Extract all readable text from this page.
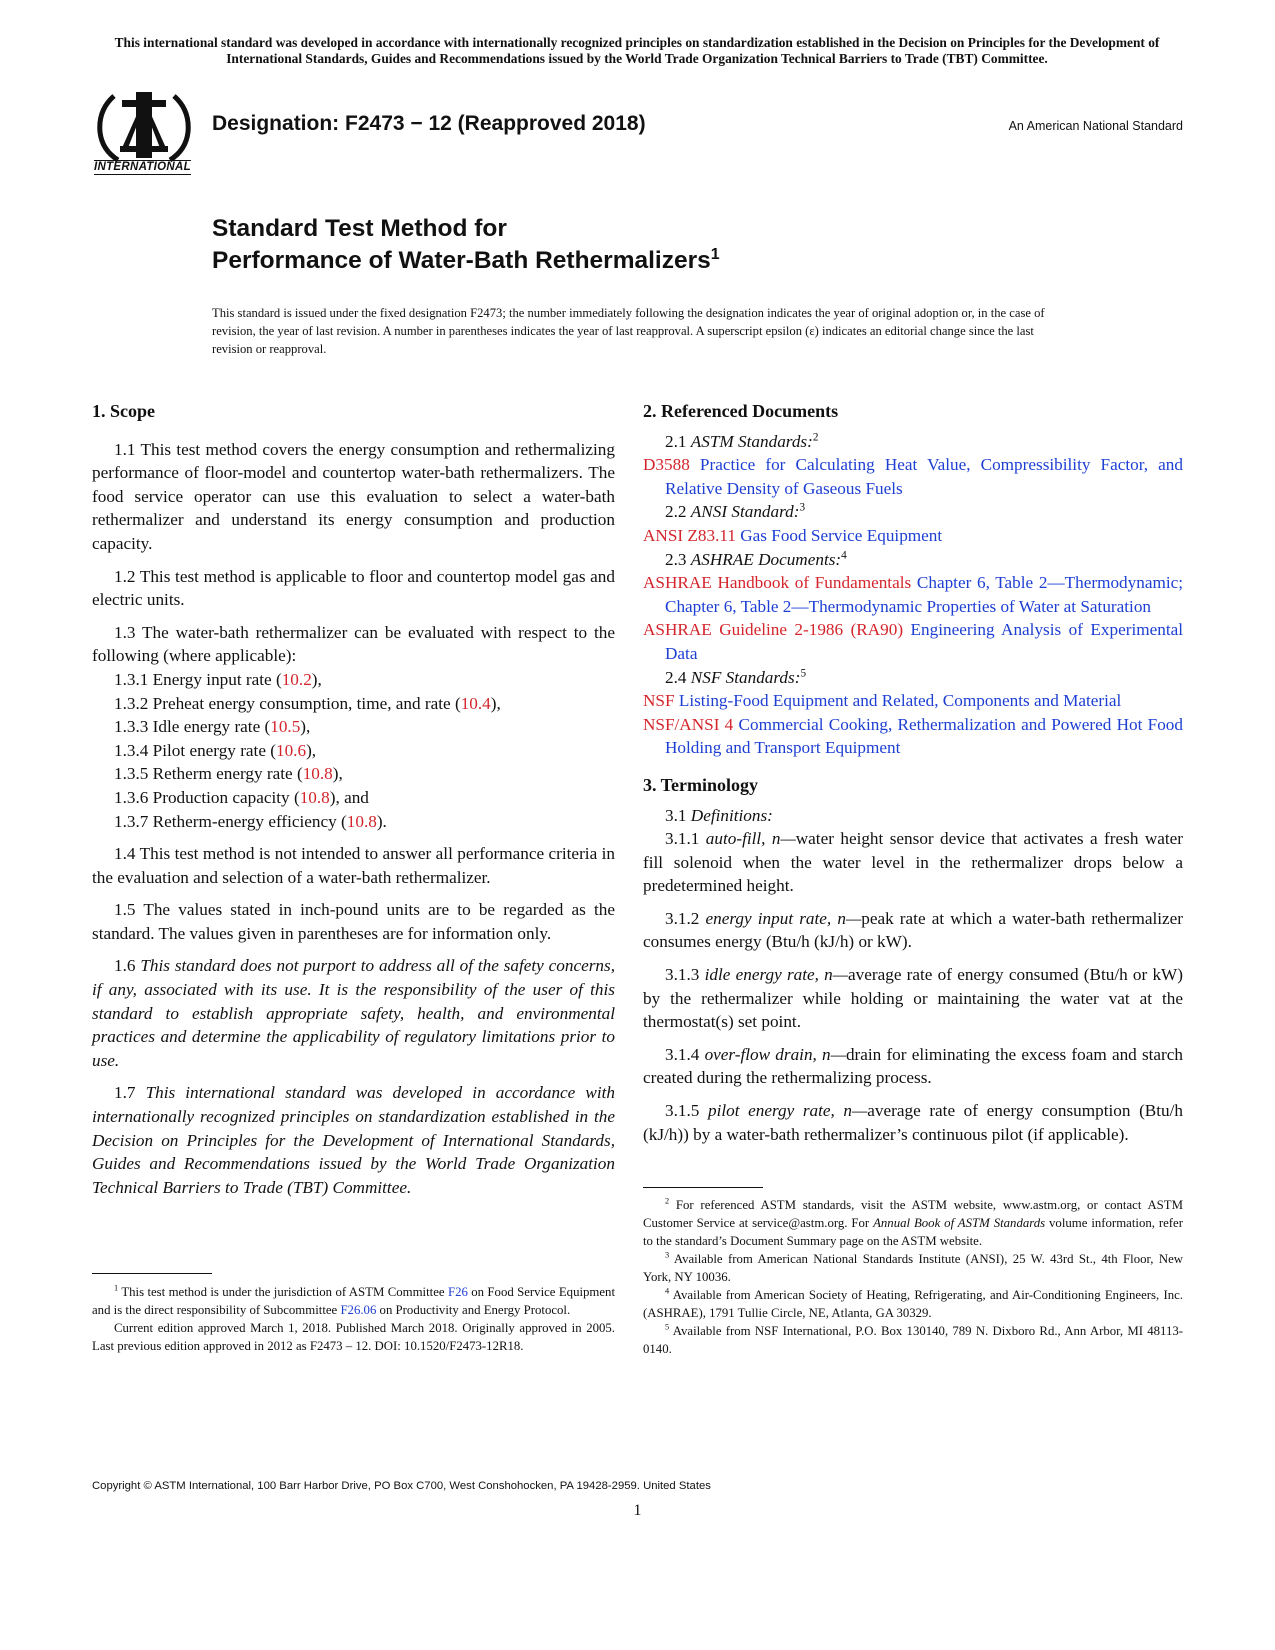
This international standard was developed in accordance with internationally recognized principles on standardization established in the Decision on Principles for the Development of International Standards, Guides and Recommendations issued by the World Trade Organization Technical Barriers to Trade (TBT) Committee.
INTERNATIONAL
Designation: F2473 − 12 (Reapproved 2018)	An American National Standard
Standard Test Method for
Performance of Water-Bath Rethermalizers$^1$
This standard is issued under the fixed designation F2473; the number immediately following the designation indicates the year of original adoption or, in the case of revision, the year of last revision. A number in parentheses indicates the year of last reapproval. A superscript epsilon (ε) indicates an editorial change since the last revision or reapproval.
1. Scope

1.1 This test method covers the energy consumption and rethermalizing performance of floor-model and countertop water-bath rethermalizers. The food service operator can use this evaluation to select a water-bath rethermalizer and understand its energy consumption and production capacity.

1.2 This test method is applicable to floor and countertop model gas and electric units.

1.3 The water-bath rethermalizer can be evaluated with respect to the following (where applicable):

1.3.1 Energy input rate (10.2),
1.3.2 Preheat energy consumption, time, and rate (10.4),
1.3.3 Idle energy rate (10.5),
1.3.4 Pilot energy rate (10.6),
1.3.5 Retherm energy rate (10.8),
1.3.6 Production capacity (10.8), and
1.3.7 Retherm-energy efficiency (10.8).

1.4 This test method is not intended to answer all performance criteria in the evaluation and selection of a water-bath rethermalizer.

1.5 The values stated in inch-pound units are to be regarded as the standard. The values given in parentheses are for information only.

1.6 This standard does not purport to address all of the safety concerns, if any, associated with its use. It is the responsibility of the user of this standard to establish appropriate safety, health, and environmental practices and determine the applicability of regulatory limitations prior to use.

1.7 This international standard was developed in accordance with internationally recognized principles on standardization established in the Decision on Principles for the Development of International Standards, Guides and Recommendations issued by the World Trade Organization Technical Barriers to Trade (TBT) Committee.

2. Referenced Documents
2.1 ASTM Standards:$^2$
D3588 Practice for Calculating Heat Value, Compressibility Factor, and Relative Density of Gaseous Fuels
2.2 ANSI Standard:$^3$
ANSI Z83.11 Gas Food Service Equipment
2.3 ASHRAE Documents:$^4$
ASHRAE Handbook of Fundamentals Chapter 6, Table 2—Thermodynamic; Chapter 6, Table 2—Thermodynamic Properties of Water at Saturation
ASHRAE Guideline 2-1986 (RA90) Engineering Analysis of Experimental Data
2.4 NSF Standards:$^5$
NSF Listing-Food Equipment and Related, Components and Material
NSF/ANSI 4 Commercial Cooking, Rethermalization and Powered Hot Food Holding and Transport Equipment
3. Terminology
3.1 Definitions:

3.1.1 auto-fill, n—water height sensor device that activates a fresh water fill solenoid when the water level in the rethermalizer drops below a predetermined height.

3.1.2 energy input rate, n—peak rate at which a water-bath rethermalizer consumes energy (Btu/h (kJ/h) or kW).

3.1.3 idle energy rate, n—average rate of energy consumed (Btu/h or kW) by the rethermalizer while holding or maintaining the water vat at the thermostat(s) set point.

3.1.4 over-flow drain, n—drain for eliminating the excess foam and starch created during the rethermalizing process.

3.1.5 pilot energy rate, n—average rate of energy consumption (Btu/h (kJ/h)) by a water-bath rethermalizer’s continuous pilot (if applicable).

$^1$ This test method is under the jurisdiction of ASTM Committee F26 on Food Service Equipment and is the direct responsibility of Subcommittee F26.06 on Productivity and Energy Protocol.

Current edition approved March 1, 2018. Published March 2018. Originally approved in 2005. Last previous edition approved in 2012 as F2473 – 12. DOI: 10.1520/F2473-12R18.

$^2$ For referenced ASTM standards, visit the ASTM website, www.astm.org, or contact ASTM Customer Service at service@astm.org. For Annual Book of ASTM Standards volume information, refer to the standard’s Document Summary page on the ASTM website.

$^3$ Available from American National Standards Institute (ANSI), 25 W. 43rd St., 4th Floor, New York, NY 10036.

$^4$ Available from American Society of Heating, Refrigerating, and Air-Conditioning Engineers, Inc. (ASHRAE), 1791 Tullie Circle, NE, Atlanta, GA 30329.

$^5$ Available from NSF International, P.O. Box 130140, 789 N. Dixboro Rd., Ann Arbor, MI 48113-0140.

Copyright © ASTM International, 100 Barr Harbor Drive, PO Box C700, West Conshohocken, PA 19428-2959. United States
1
